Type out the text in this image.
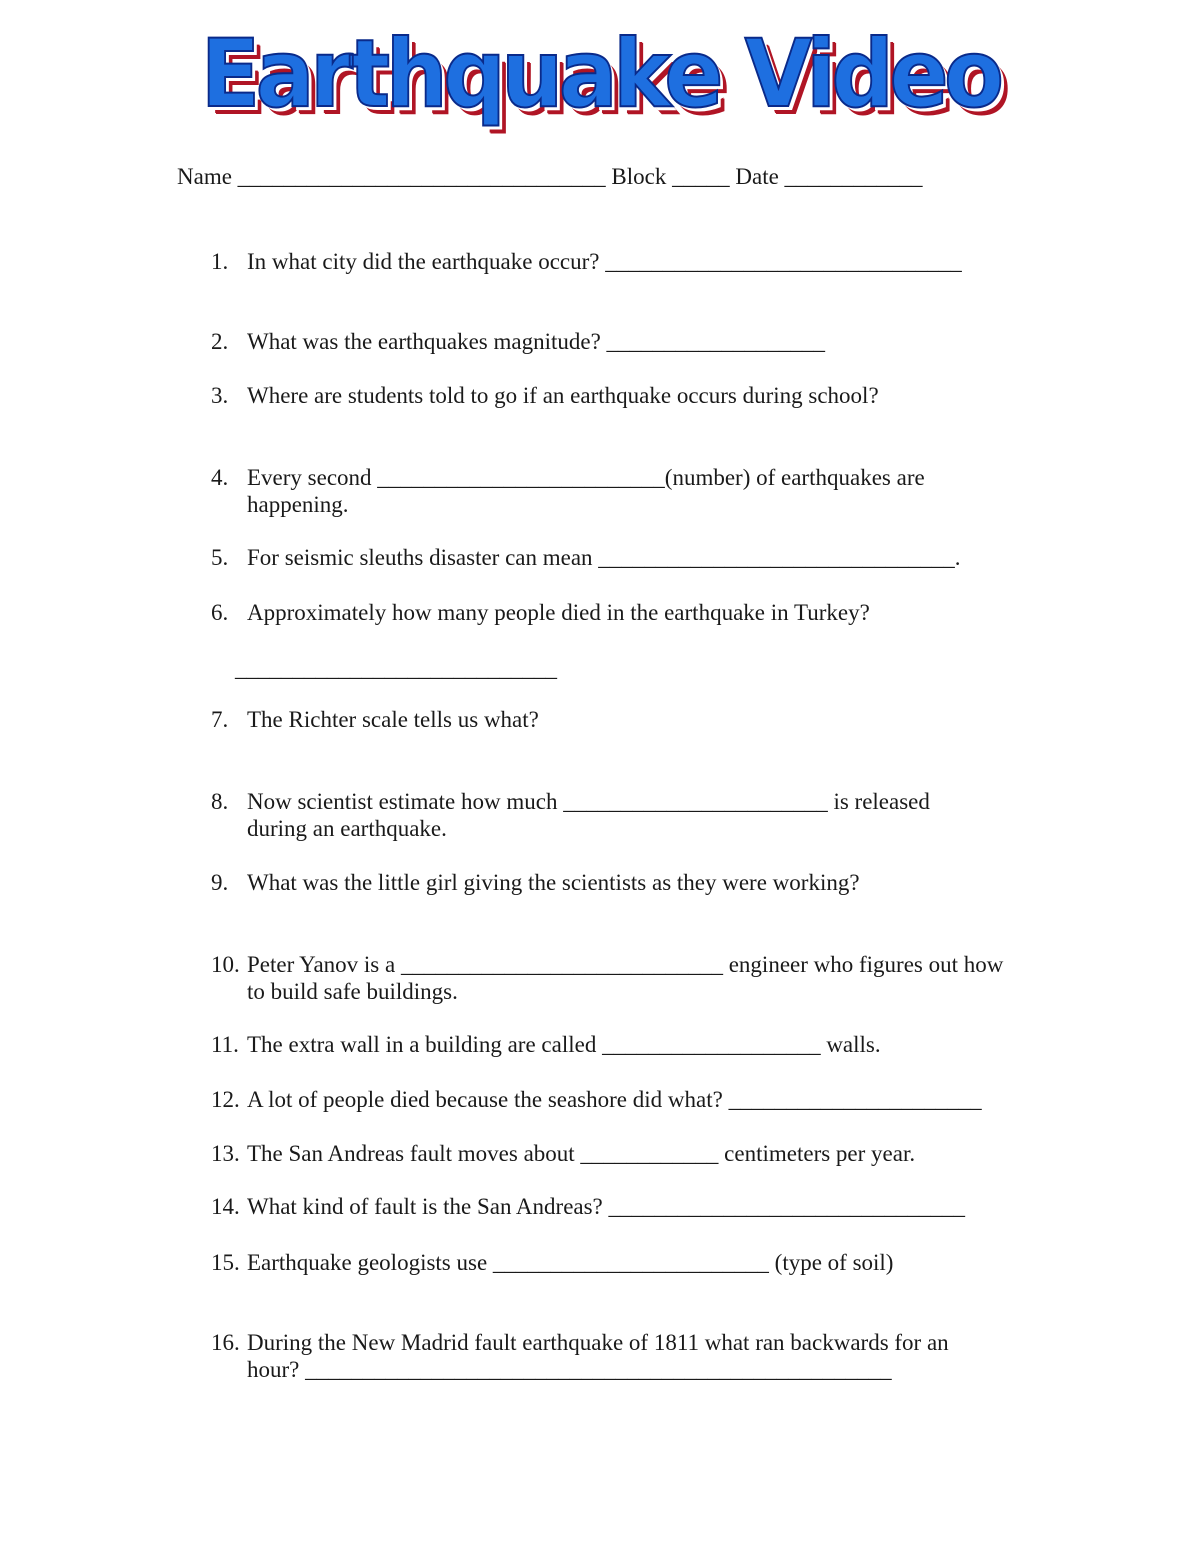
Earthquake Video
Name ________________________________ Block _____ Date ____________
1. In what city did the earthquake occur? _______________________________
2. What was the earthquakes magnitude? ___________________
3. Where are students told to go if an earthquake occurs during school?
4. Every second _________________________(number) of earthquakes are happening.
5. For seismic sleuths disaster can mean _______________________________.
6. Approximately how many people died in the earthquake in Turkey?
____________________________
7. The Richter scale tells us what?
8. Now scientist estimate how much _______________________ is released during an earthquake.
9. What was the little girl giving the scientists as they were working?
10. Peter Yanov is a ____________________________ engineer who figures out how to build safe buildings.
11. The extra wall in a building are called ___________________ walls.
12. A lot of people died because the seashore did what? ______________________
13. The San Andreas fault moves about ____________ centimeters per year.
14. What kind of fault is the San Andreas? _______________________________
15. Earthquake geologists use ________________________ (type of soil)
16. During the New Madrid fault earthquake of 1811 what ran backwards for an hour? ___________________________________________________
